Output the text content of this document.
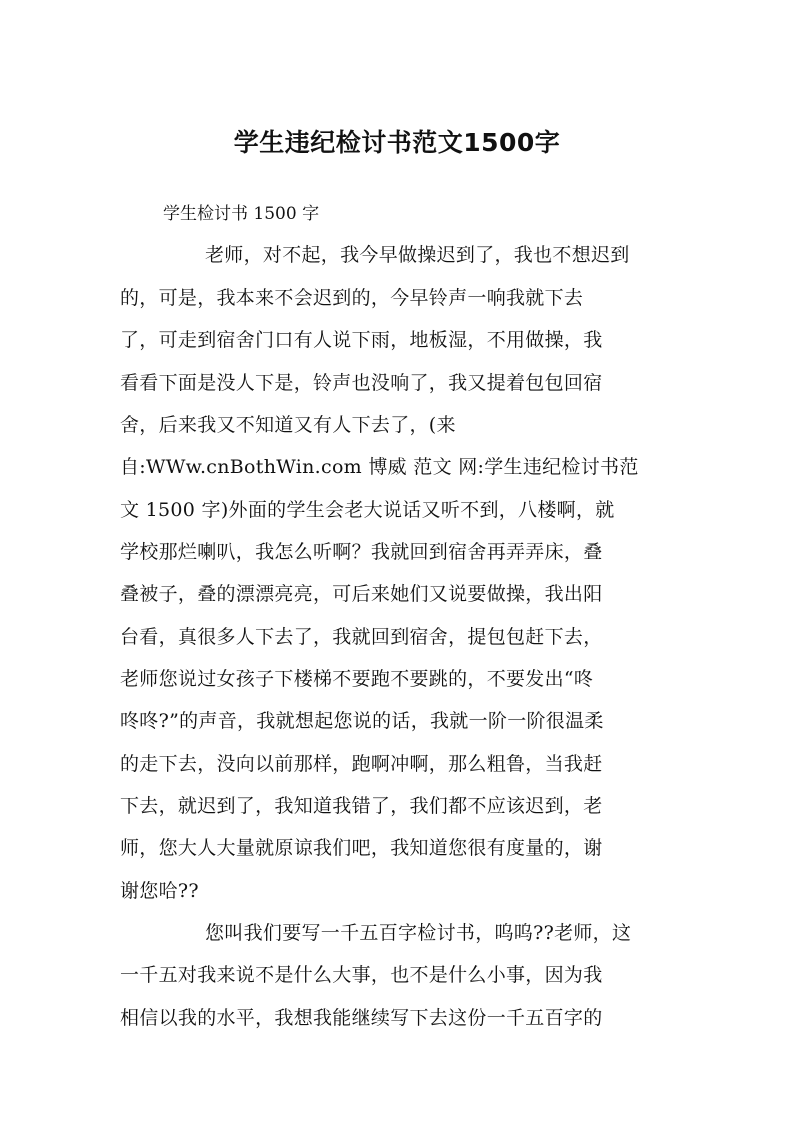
学生违纪检讨书范文1500字

学生检讨书 1500 字

老师，对不起，我今早做操迟到了，我也不想迟到

的，可是，我本来不会迟到的，今早铃声一响我就下去

了，可走到宿舍门口有人说下雨，地板湿，不用做操，我

看看下面是没人下是，铃声也没响了，我又提着包包回宿

舍，后来我又不知道又有人下去了，(来

自:WWw.cnBothWin.com 博威 范文 网:学生违纪检讨书范

文 1500 字)外面的学生会老大说话又听不到，八楼啊，就

学校那烂喇叭，我怎么听啊？我就回到宿舍再弄弄床，叠

叠被子，叠的漂漂亮亮，可后来她们又说要做操，我出阳

台看，真很多人下去了，我就回到宿舍，提包包赶下去，

老师您说过女孩子下楼梯不要跑不要跳的，不要发出“咚

咚咚?”的声音，我就想起您说的话，我就一阶一阶很温柔

的走下去，没向以前那样，跑啊冲啊，那么粗鲁，当我赶

下去，就迟到了，我知道我错了，我们都不应该迟到，老

师，您大人大量就原谅我们吧，我知道您很有度量的，谢

谢您哈??

您叫我们要写一千五百字检讨书，呜呜??老师，这

一千五对我来说不是什么大事，也不是什么小事，因为我

相信以我的水平，我想我能继续写下去这份一千五百字的
